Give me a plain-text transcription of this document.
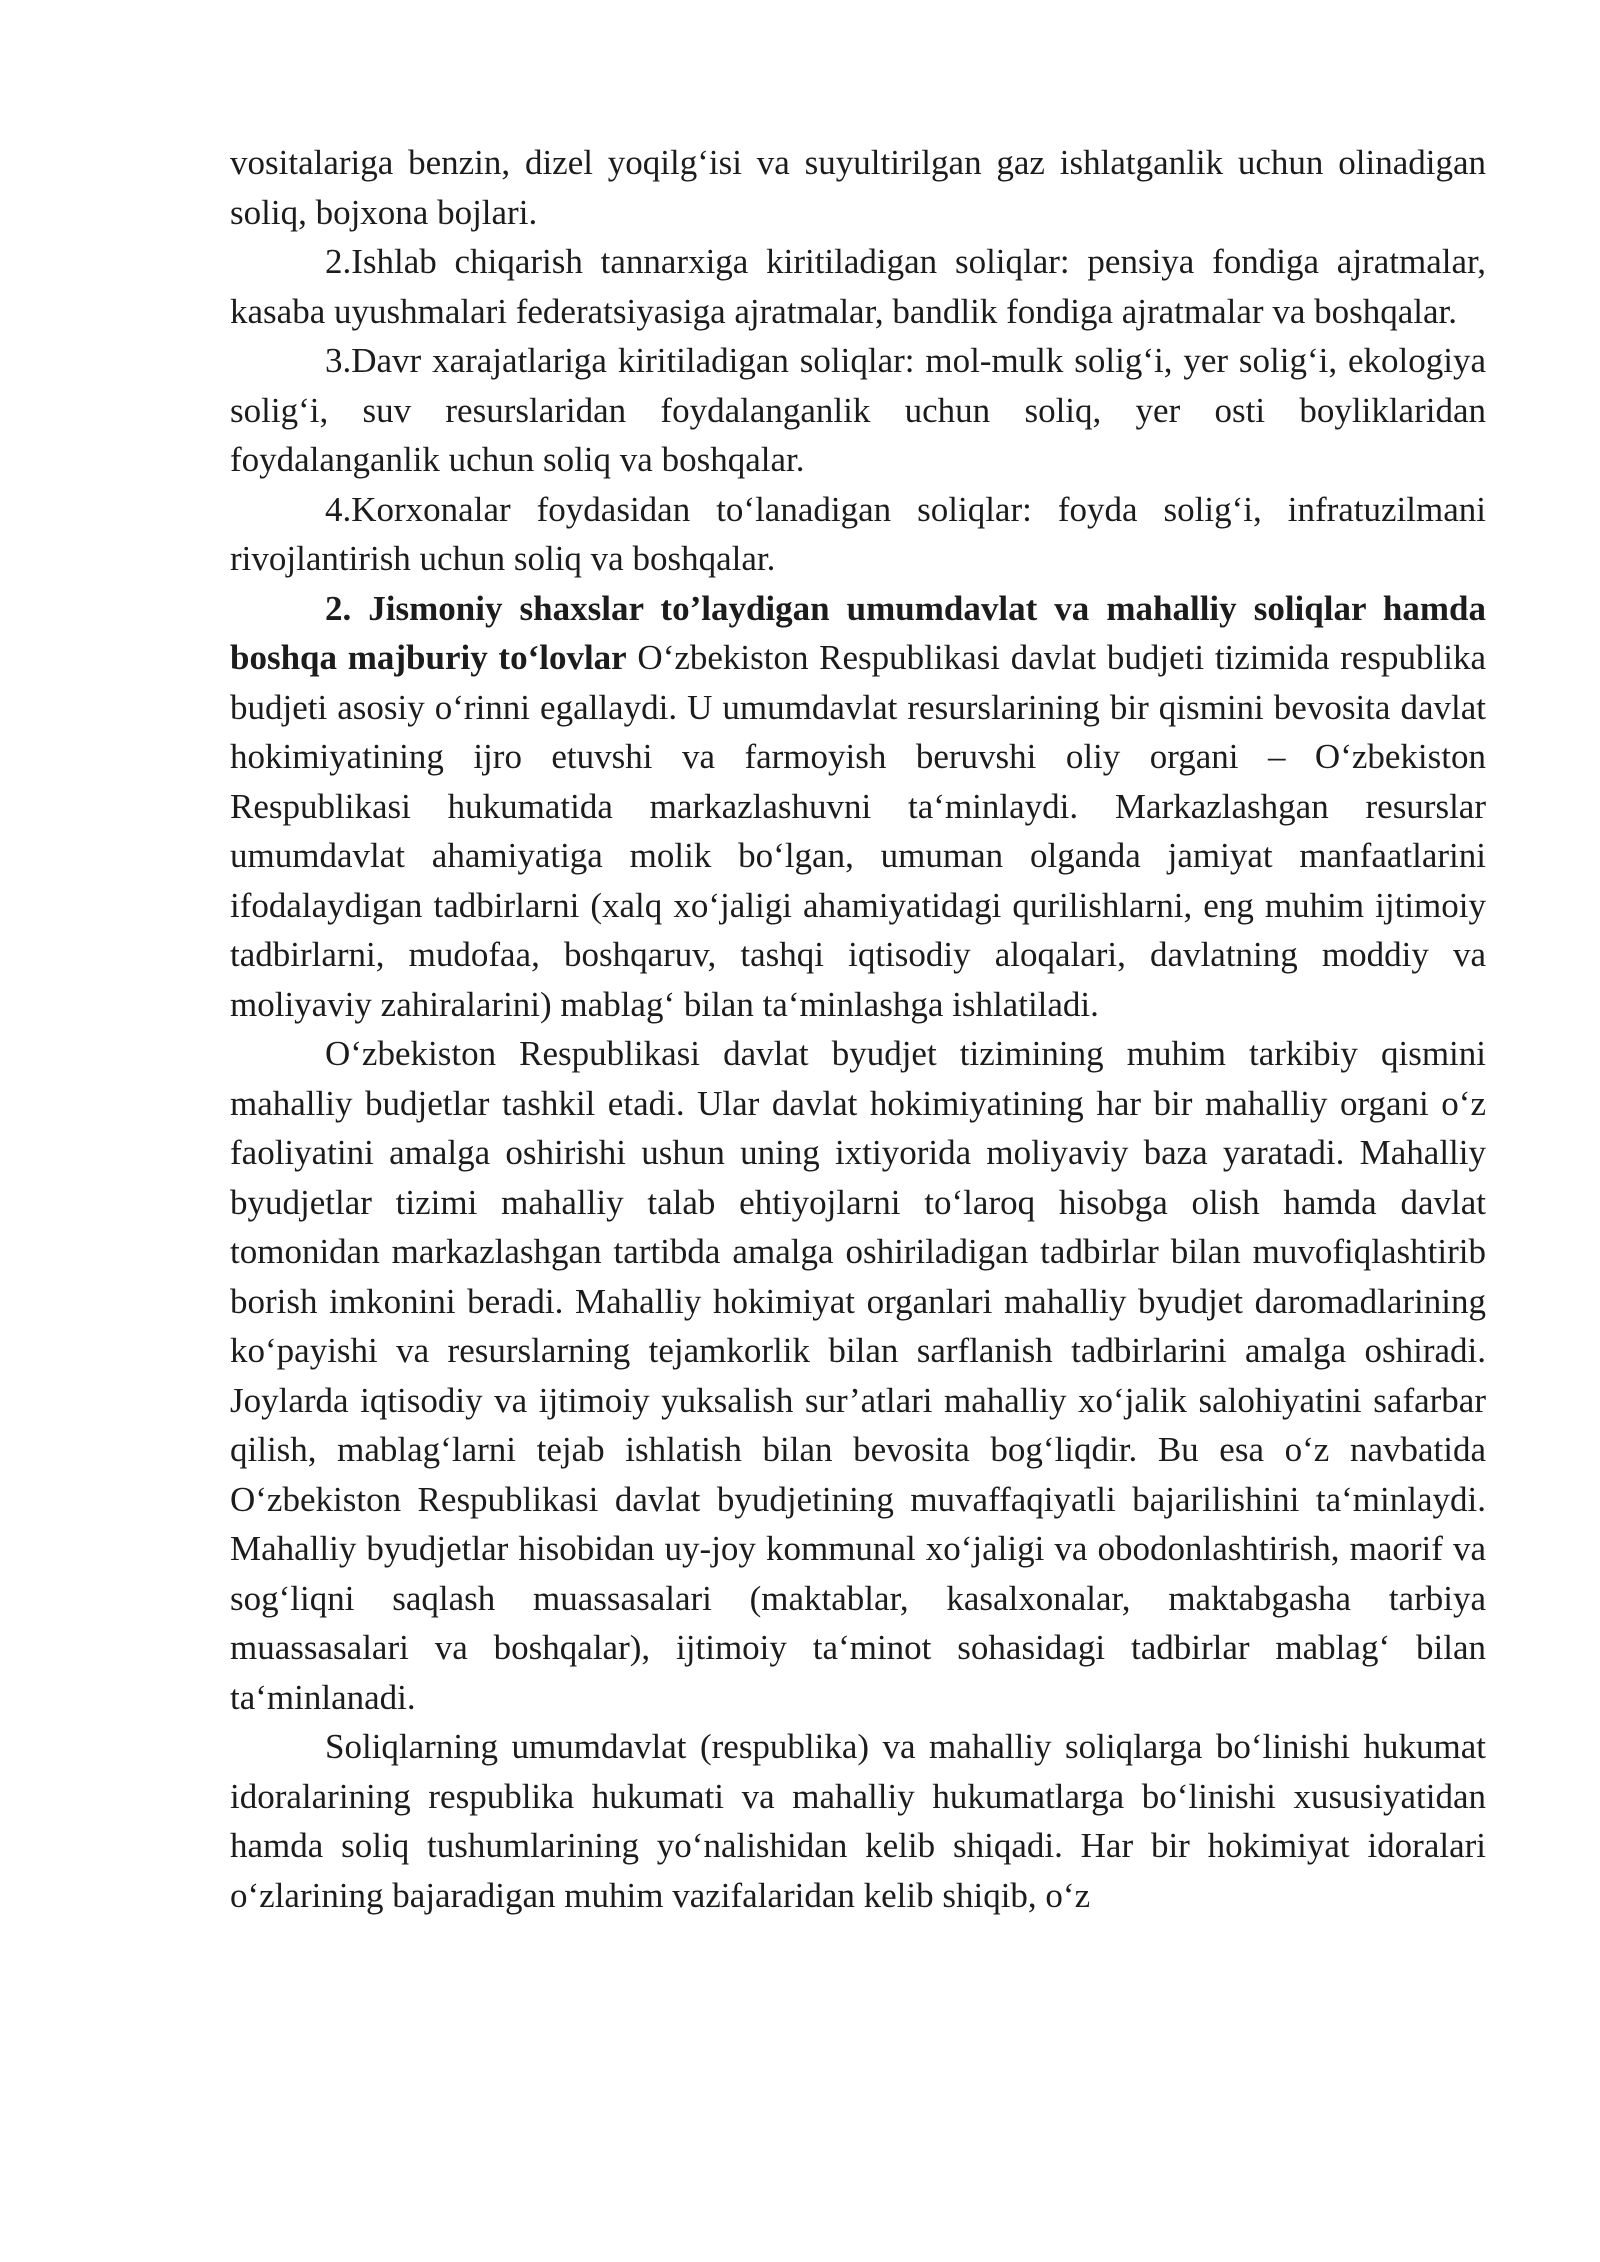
vositalariga benzin, dizel yoqilg‘isi va suyultirilgan gaz ishlatganlik uchun olinadigan soliq, bojxona bojlari.

2.Ishlab chiqarish tannarxiga kiritiladigan soliqlar: pensiya fondiga ajratmalar, kasaba uyushmalari federatsiyasiga ajratmalar, bandlik fondiga ajratmalar va boshqalar.

3.Davr xarajatlariga kiritiladigan soliqlar: mol-mulk solig‘i, yer solig‘i, ekologiya solig‘i, suv resurslaridan foydalanganlik uchun soliq, yer osti boyliklaridan foydalanganlik uchun soliq va boshqalar.

4.Korxonalar foydasidan to‘lanadigan soliqlar: foyda solig‘i, infratuzilmani rivojlantirish uchun soliq va boshqalar.

2. Jismoniy shaxslar to’laydigan umumdavlat va mahalliy soliqlar hamda boshqa majburiy to‘lovlar O‘zbekiston Respublikasi davlat budjeti tizimida respublika budjeti asosiy o‘rinni egallaydi. U umumdavlat resurslarining bir qismini bevosita davlat hokimiyatining ijro etuvshi va farmoyish beruvshi oliy organi – O‘zbekiston Respublikasi hukumatida markazlashuvni ta‘minlaydi. Markazlashgan resurslar umumdavlat ahamiyatiga molik bo‘lgan, umuman olganda jamiyat manfaatlarini ifodalaydigan tadbirlarni (xalq xo‘jaligi ahamiyatidagi qurilishlarni, eng muhim ijtimoiy tadbirlarni, mudofaa, boshqaruv, tashqi iqtisodiy aloqalari, davlatning moddiy va moliyaviy zahiralarini) mablag‘ bilan ta‘minlashga ishlatiladi.

O‘zbekiston Respublikasi davlat byudjet tizimining muhim tarkibiy qismini mahalliy budjetlar tashkil etadi. Ular davlat hokimiyatining har bir mahalliy organi o‘z faoliyatini amalga oshirishi ushun uning ixtiyorida moliyaviy baza yaratadi. Mahalliy byudjetlar tizimi mahalliy talab ehtiyojlarni to‘laroq hisobga olish hamda davlat tomonidan markazlashgan tartibda amalga oshiriladigan tadbirlar bilan muvofiqlashtirib borish imkonini beradi. Mahalliy hokimiyat organlari mahalliy byudjet daromadlarining ko‘payishi va resurslarning tejamkorlik bilan sarflanish tadbirlarini amalga oshiradi. Joylarda iqtisodiy va ijtimoiy yuksalish sur’atlari mahalliy xo‘jalik salohiyatini safarbar qilish, mablag‘larni tejab ishlatish bilan bevosita bog‘liqdir. Bu esa o‘z navbatida O‘zbekiston Respublikasi davlat byudjetining muvaffaqiyatli bajarilishini ta‘minlaydi. Mahalliy byudjetlar hisobidan uy-joy kommunal xo‘jaligi va obodonlashtirish, maorif va sog‘liqni saqlash muassasalari (maktablar, kasalxonalar, maktabgasha tarbiya muassasalari va boshqalar), ijtimoiy ta‘minot sohasidagi tadbirlar mablag‘ bilan ta‘minlanadi.

Soliqlarning umumdavlat (respublika) va mahalliy soliqlarga bo‘linishi hukumat idoralarining respublika hukumati va mahalliy hukumatlarga bo‘linishi xususiyatidan hamda soliq tushumlarining yo‘nalishidan kelib shiqadi. Har bir hokimiyat idoralari o‘zlarining bajaradigan muhim vazifalaridan kelib shiqib, o‘z
